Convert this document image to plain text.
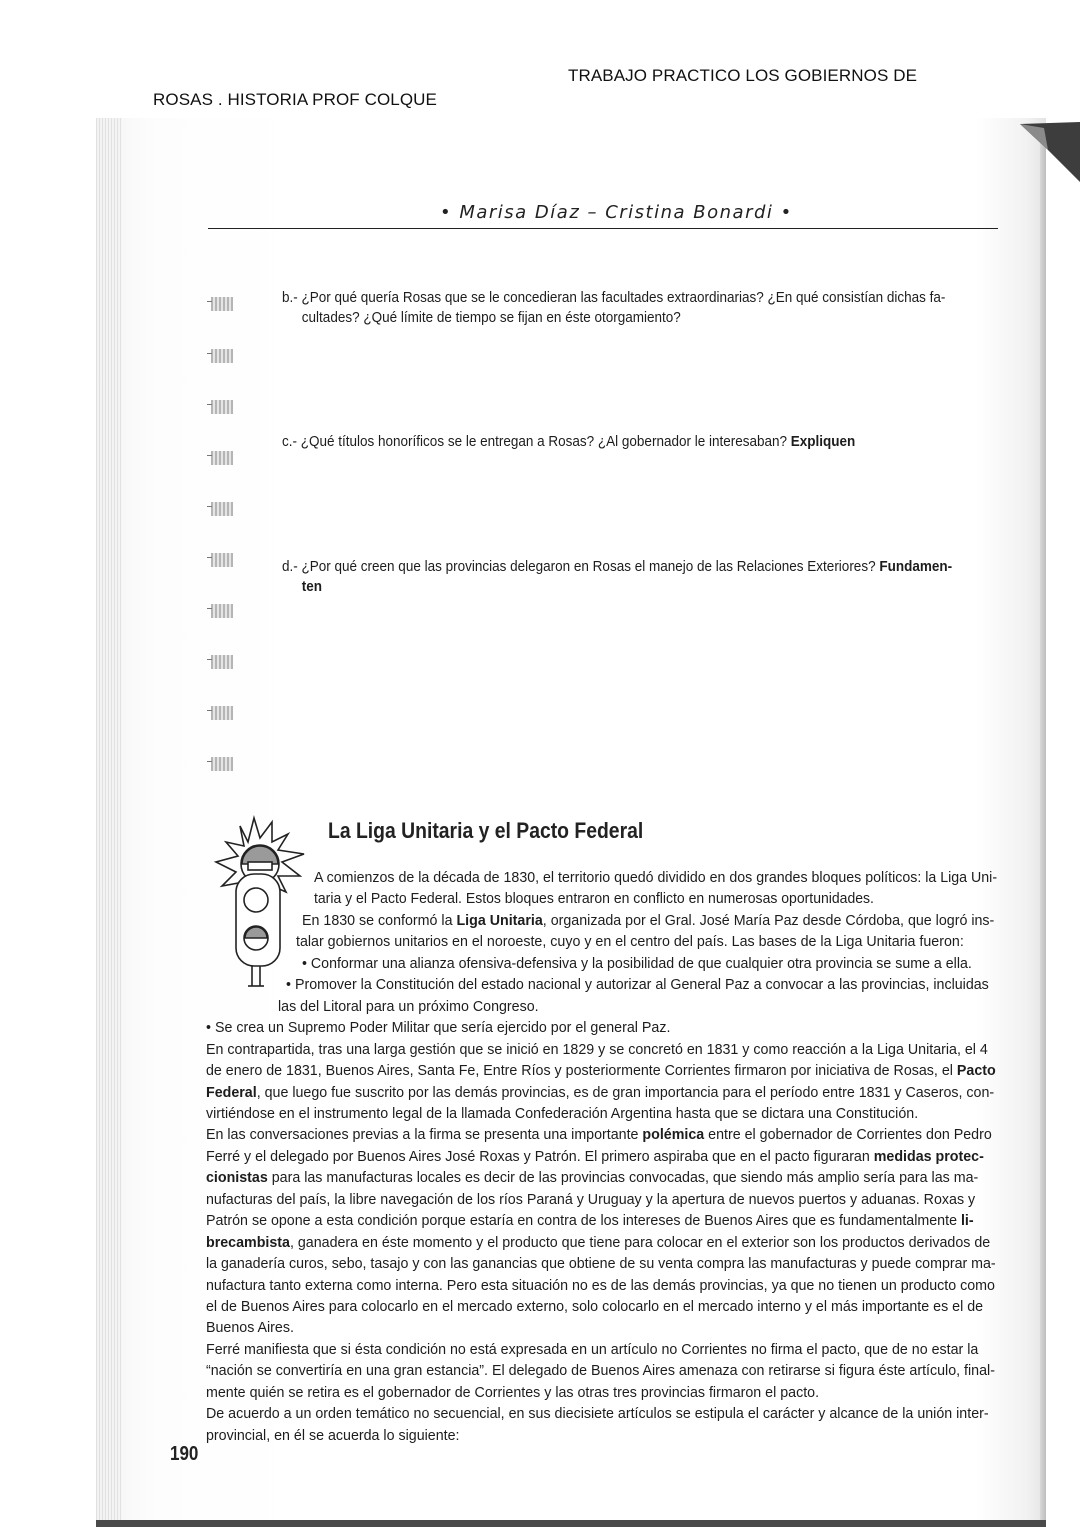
TRABAJO PRACTICO LOS GOBIERNOS DE
ROSAS . HISTORIA PROF COLQUE
• Marisa Díaz – Cristina Bonardi •
b.- ¿Por qué quería Rosas que se le concedieran las facultades extraordinarias? ¿En qué consistían dichas fa-
cultades? ¿Qué límite de tiempo se fijan en éste otorgamiento?
c.- ¿Qué títulos honoríficos se le entregan a Rosas? ¿Al gobernador le interesaban? Expliquen
d.- ¿Por qué creen que las provincias delegaron en Rosas el manejo de las Relaciones Exteriores? Fundamen-
ten
La Liga Unitaria y el Pacto Federal
A comienzos de la década de 1830, el territorio quedó dividido en dos grandes bloques políticos: la Liga Uni-
taria y el Pacto Federal. Estos bloques entraron en conflicto en numerosas oportunidades.
En 1830 se conformó la Liga Unitaria, organizada por el Gral. José María Paz desde Córdoba, que logró ins-
talar gobiernos unitarios en el noroeste, cuyo y en el centro del país. Las bases de la Liga Unitaria fueron:
• Conformar una alianza ofensiva-defensiva y la posibilidad de que cualquier otra provincia se sume a ella.
• Promover la Constitución del estado nacional y autorizar al General Paz a convocar a las provincias, incluidas
las del Litoral para un próximo Congreso.
• Se crea un Supremo Poder Militar que sería ejercido por el general Paz.
En contrapartida, tras una larga gestión que se inició en 1829 y se concretó en 1831 y como reacción a la Liga Unitaria, el 4
de enero de 1831, Buenos Aires, Santa Fe, Entre Ríos y posteriormente Corrientes firmaron por iniciativa de Rosas, el Pacto
Federal, que luego fue suscrito por las demás provincias, es de gran importancia para el período entre 1831 y Caseros, con-
virtiéndose en el instrumento legal de la llamada Confederación Argentina hasta que se dictara una Constitución.
En las conversaciones previas a la firma se presenta una importante polémica entre el gobernador de Corrientes don Pedro
Ferré y el delegado por Buenos Aires José Roxas y Patrón. El primero aspiraba que en el pacto figuraran medidas protec-
cionistas para las manufacturas locales es decir de las provincias convocadas, que siendo más amplio sería para las ma-
nufacturas del país, la libre navegación de los ríos Paraná y Uruguay y la apertura de nuevos puertos y aduanas. Roxas y
Patrón se opone a esta condición porque estaría en contra de los intereses de Buenos Aires que es fundamentalmente li-
brecambista, ganadera en éste momento y el producto que tiene para colocar en el exterior son los productos derivados de
la ganadería curos, sebo, tasajo y con las ganancias que obtiene de su venta compra las manufacturas y puede comprar ma-
nufactura tanto externa como interna. Pero esta situación no es de las demás provincias, ya que no tienen un producto como
el de Buenos Aires para colocarlo en el mercado externo, solo colocarlo en el mercado interno y el más importante es el de
Buenos Aires.
Ferré manifiesta que si ésta condición no está expresada en un artículo no Corrientes no firma el pacto, que de no estar la
“nación se convertiría en una gran estancia”. El delegado de Buenos Aires amenaza con retirarse si figura éste artículo, final-
mente quién se retira es el gobernador de Corrientes y las otras tres provincias firmaron el pacto.
De acuerdo a un orden temático no secuencial, en sus diecisiete artículos se estipula el carácter y alcance de la unión inter-
provincial, en él se acuerda lo siguiente:
190
